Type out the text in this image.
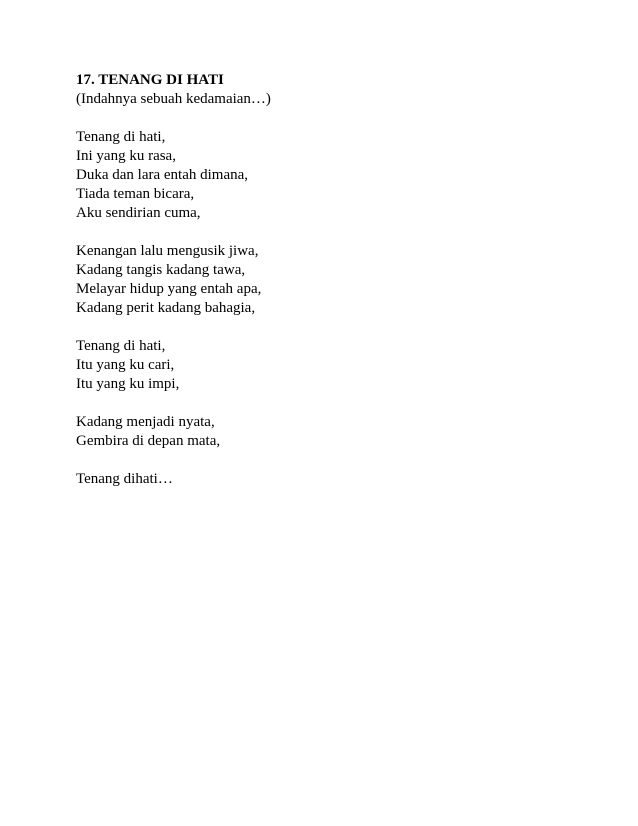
17. TENANG DI HATI
(Indahnya sebuah kedamaian…)
Tenang di hati,
Ini yang ku rasa,
Duka dan lara entah dimana,
Tiada teman bicara,
Aku sendirian cuma,
Kenangan lalu mengusik jiwa,
Kadang tangis kadang tawa,
Melayar hidup yang entah apa,
Kadang perit kadang bahagia,
Tenang di hati,
Itu yang ku cari,
Itu yang ku impi,
Kadang menjadi nyata,
Gembira di depan mata,
Tenang dihati…
